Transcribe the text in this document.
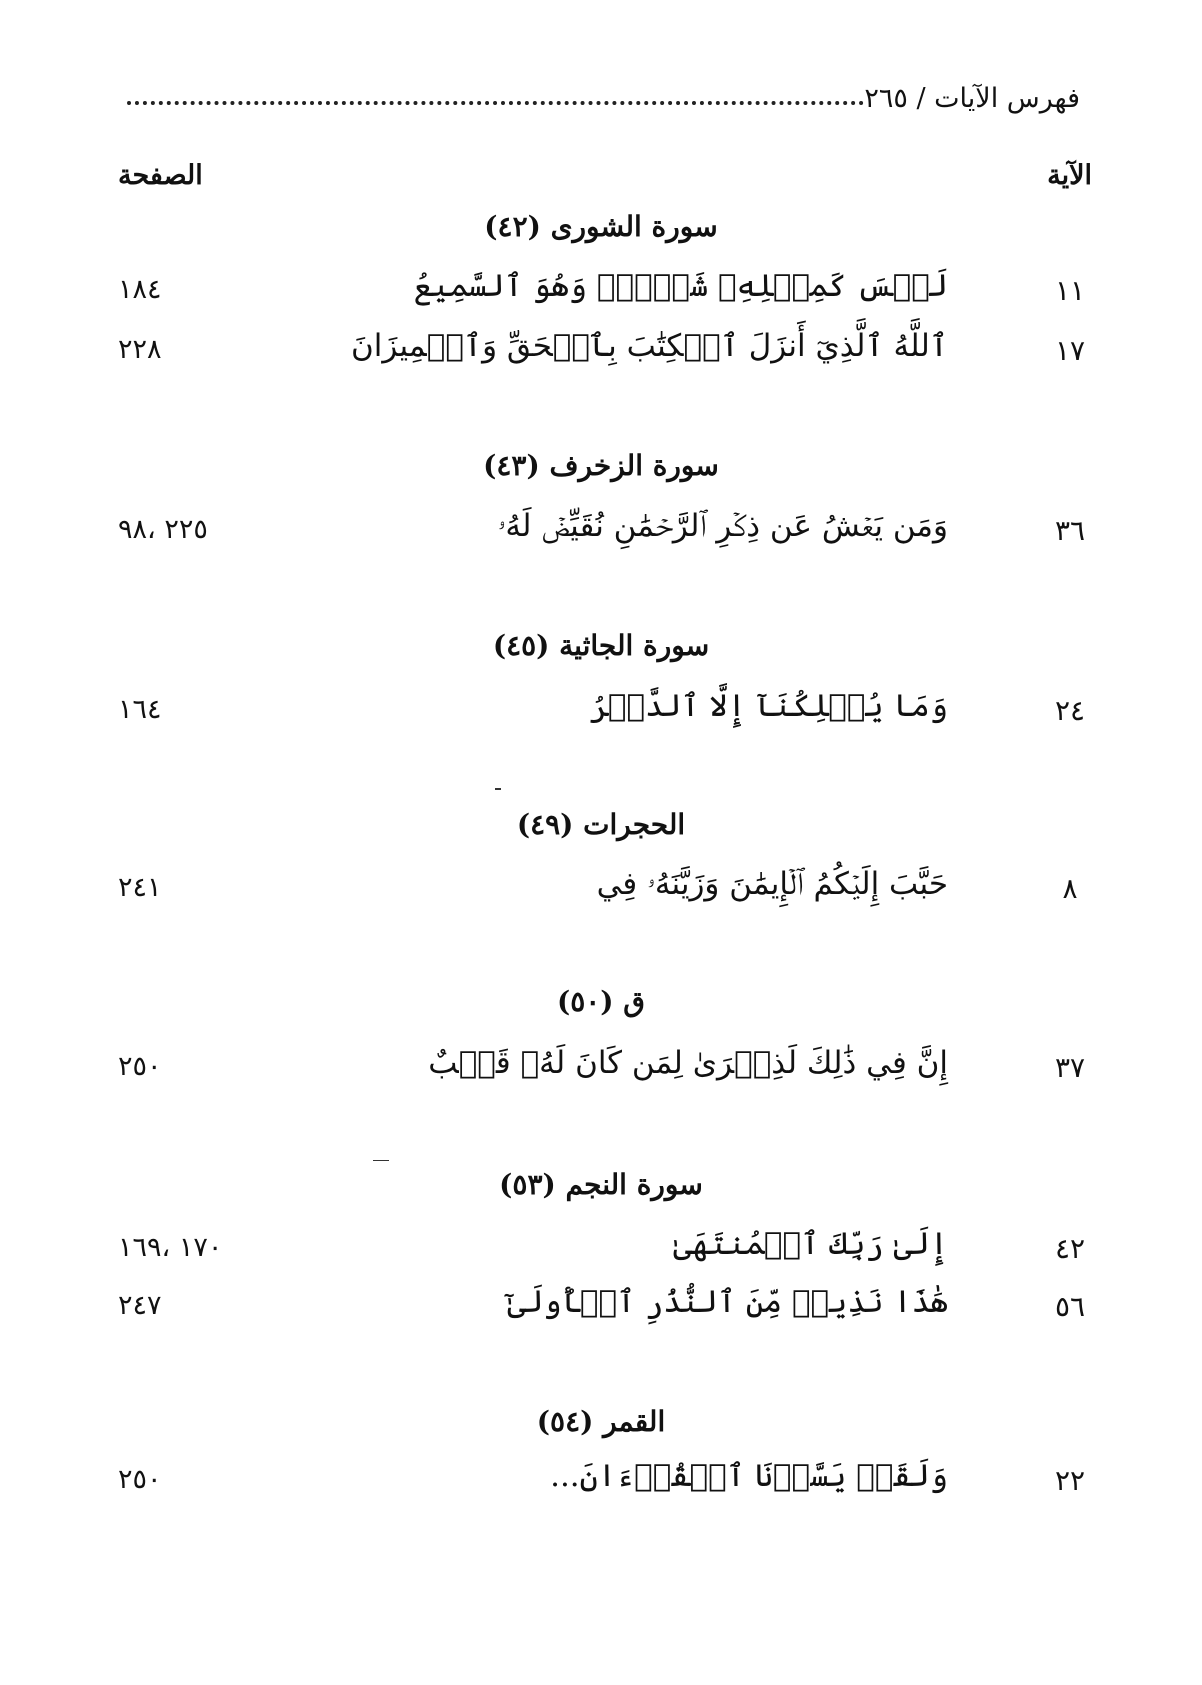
فهرس الآيات / ٢٦٥
الآية
الصفحة
سورة الشورى (٤٢)
١١
لَيۡسَ كَمِثۡلِهِۦ شَيۡءٞۖ وَهُوَ ٱلسَّمِيعُ
١٨٤
١٧
ٱللَّهُ ٱلَّذِيٓ أَنزَلَ ٱلۡكِتَٰبَ بِٱلۡحَقِّ وَٱلۡمِيزَانَ
٢٢٨
سورة الزخرف (٤٣)
٣٦
وَمَن يَعۡشُ عَن ذِكۡرِ ٱلرَّحۡمَٰنِ نُقَيِّضۡ لَهُۥ
٢٢٥ ،٩٨
سورة الجاثية (٤٥)
٢٤
وَمَا يُهۡلِكُنَآ إِلَّا ٱلدَّهۡرُ
١٦٤
الحجرات (٤٩)
٨
حَبَّبَ إِلَيۡكُمُ ٱلۡإِيمَٰنَ وَزَيَّنَهُۥ فِي
٢٤١
ق (٥٠)
٣٧
إِنَّ فِي ذَٰلِكَ لَذِكۡرَىٰ لِمَن كَانَ لَهُۥ قَلۡبٌ
٢٥٠
سورة النجم (٥٣)
٤٢
إِلَىٰ رَبِّكَ ٱلۡمُنتَهَىٰ
١٧٠ ،١٦٩
٥٦
هَٰذَا نَذِيرٞ مِّنَ ٱلنُّذُرِ ٱلۡأُولَىٰٓ
٢٤٧
القمر (٥٤)
٢٢
وَلَقَدۡ يَسَّرۡنَا ٱلۡقُرۡءَانَ...
٢٥٠
